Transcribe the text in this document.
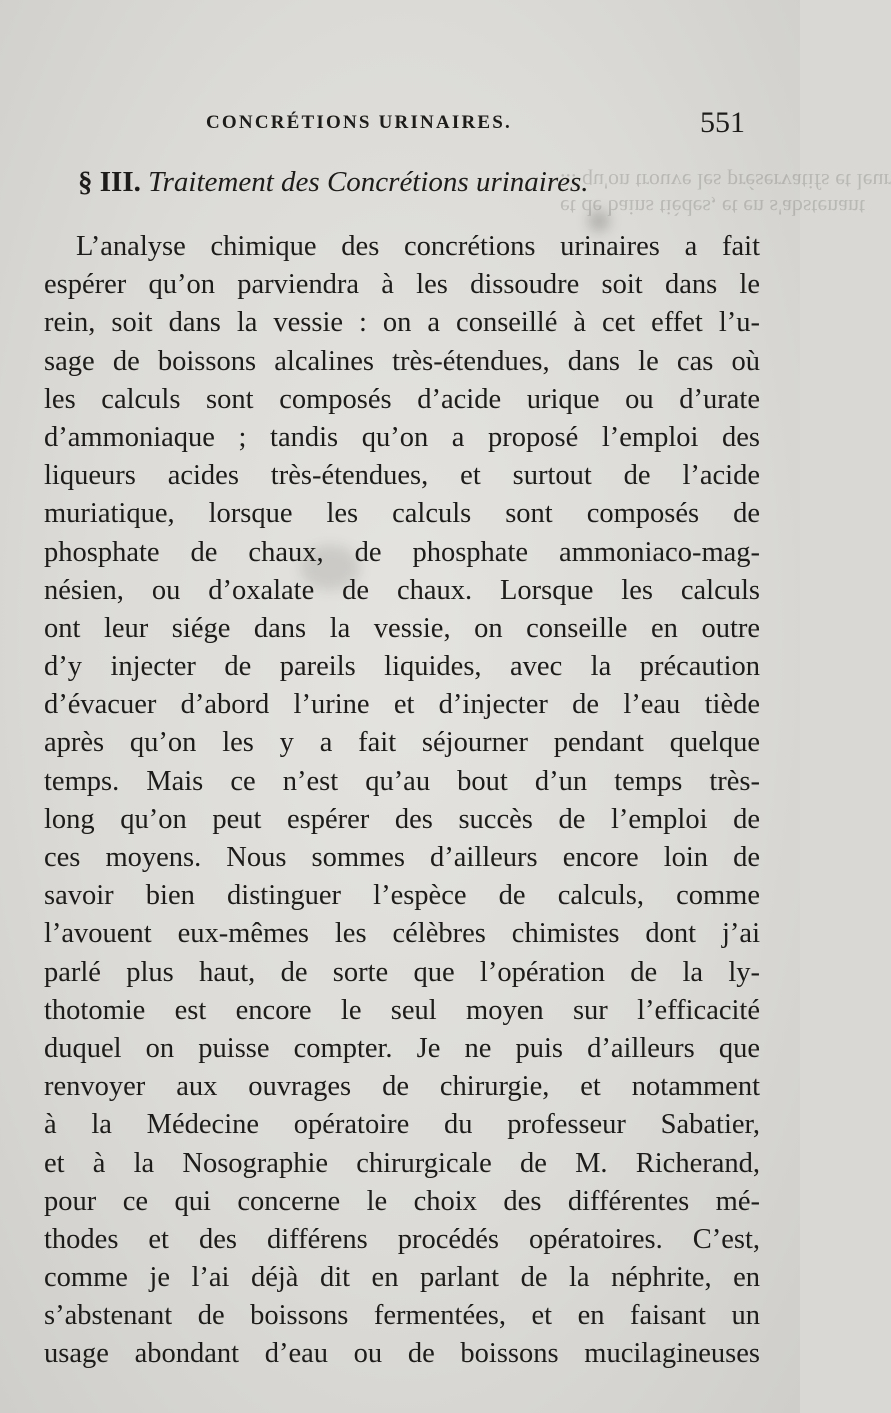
et de bains tièdes, et en s'abstenant
... qu'on trouve les préservatifs et leur
CONCRÉTIONS URINAIRES.	551
§ III. Traitement des Concrétions urinaires.
L’analyse chimique des concrétions urinaires a fait
espérer qu’on parviendra à les dissoudre soit dans le
rein, soit dans la vessie : on a conseillé à cet effet l’u-
sage de boissons alcalines très-étendues, dans le cas où
les calculs sont composés d’acide urique ou d’urate
d’ammoniaque ; tandis qu’on a proposé l’emploi des
liqueurs acides très-étendues, et surtout de l’acide
muriatique, lorsque les calculs sont composés de
phosphate de chaux, de phosphate ammoniaco-mag-
nésien, ou d’oxalate de chaux. Lorsque les calculs
ont leur siége dans la vessie, on conseille en outre
d’y injecter de pareils liquides, avec la précaution
d’évacuer d’abord l’urine et d’injecter de l’eau tiède
après qu’on les y a fait séjourner pendant quelque
temps. Mais ce n’est qu’au bout d’un temps très-
long qu’on peut espérer des succès de l’emploi de
ces moyens. Nous sommes d’ailleurs encore loin de
savoir bien distinguer l’espèce de calculs, comme
l’avouent eux-mêmes les célèbres chimistes dont j’ai
parlé plus haut, de sorte que l’opération de la ly-
thotomie est encore le seul moyen sur l’efficacité
duquel on puisse compter. Je ne puis d’ailleurs que
renvoyer aux ouvrages de chirurgie, et notamment
à la Médecine opératoire du professeur Sabatier,
et à la Nosographie chirurgicale de M. Richerand,
pour ce qui concerne le choix des différentes mé-
thodes et des différens procédés opératoires. C’est,
comme je l’ai déjà dit en parlant de la néphrite, en
s’abstenant de boissons fermentées, et en faisant un
usage abondant d’eau ou de boissons mucilagineuses
